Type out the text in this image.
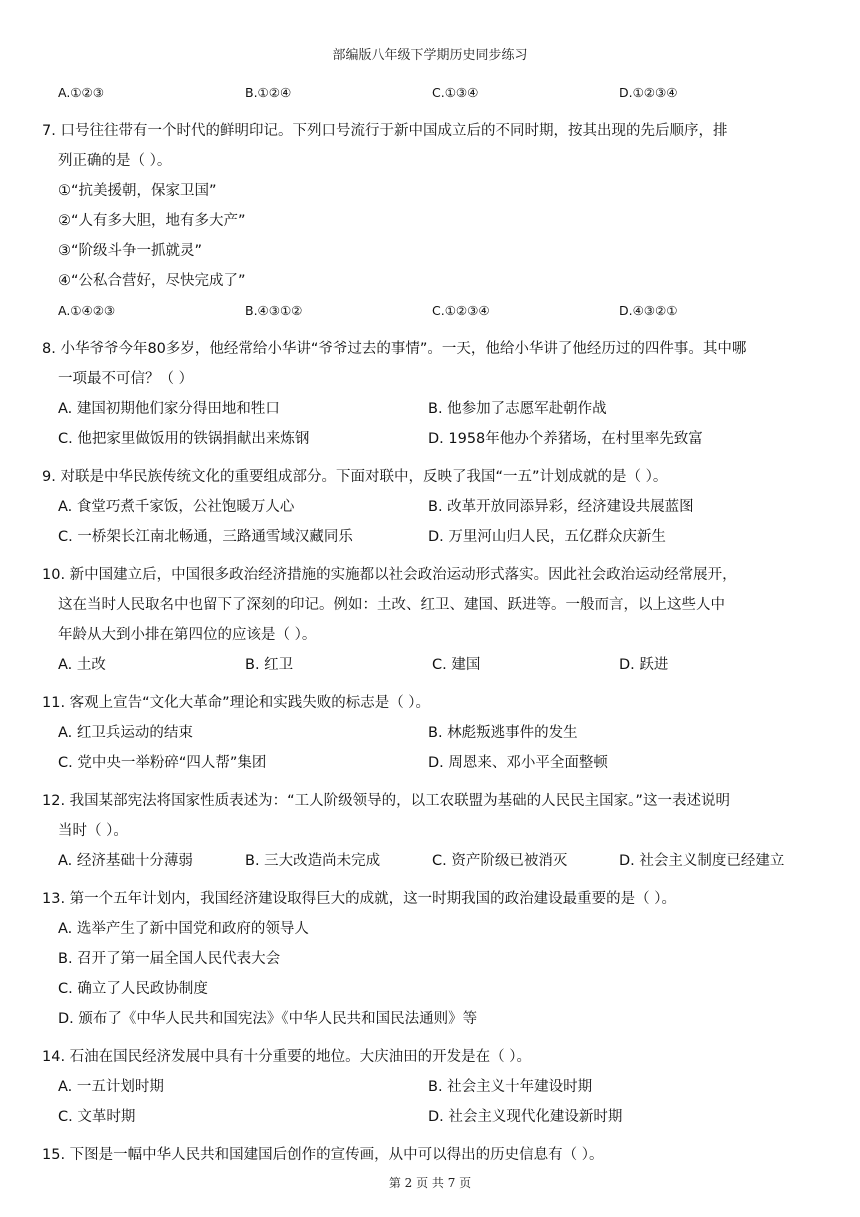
部编版八年级下学期历史同步练习
A.①②③	B.①②④	C.①③④	D.①②③④
7. 口号往往带有一个时代的鲜明印记。下列口号流行于新中国成立后的不同时期，按其出现的先后顺序，排
列正确的是（ ）。
①“抗美援朝，保家卫国”
②“人有多大胆，地有多大产”
③“阶级斗争一抓就灵”
④“公私合营好，尽快完成了”
A.①④②③	B.④③①②	C.①②③④	D.④③②①
8. 小华爷爷今年80多岁，他经常给小华讲“爷爷过去的事情”。一天，他给小华讲了他经历过的四件事。其中哪
一项最不可信？（ ）
A. 建国初期他们家分得田地和牲口	B. 他参加了志愿军赴朝作战
C. 他把家里做饭用的铁锅捐献出来炼钢	D. 1958年他办个养猪场，在村里率先致富
9. 对联是中华民族传统文化的重要组成部分。下面对联中，反映了我国“一五”计划成就的是（ ）。
A. 食堂巧煮千家饭，公社饱暖万人心	B. 改革开放同添异彩，经济建设共展蓝图
C. 一桥架长江南北畅通，三路通雪域汉藏同乐	D. 万里河山归人民，五亿群众庆新生
10. 新中国建立后，中国很多政治经济措施的实施都以社会政治运动形式落实。因此社会政治运动经常展开，
这在当时人民取名中也留下了深刻的印记。例如：土改、红卫、建国、跃进等。一般而言，以上这些人中
年龄从大到小排在第四位的应该是（ ）。
A. 土改	B. 红卫	C. 建国	D. 跃进
11. 客观上宣告“文化大革命”理论和实践失败的标志是（ ）。
A. 红卫兵运动的结束	B. 林彪叛逃事件的发生
C. 党中央一举粉碎“四人帮”集团	D. 周恩来、邓小平全面整顿
12. 我国某部宪法将国家性质表述为：“工人阶级领导的，以工农联盟为基础的人民民主国家。”这一表述说明
当时（ ）。
A. 经济基础十分薄弱	B. 三大改造尚未完成	C. 资产阶级已被消灭	D. 社会主义制度已经建立
13. 第一个五年计划内，我国经济建设取得巨大的成就，这一时期我国的政治建设最重要的是（ ）。
A. 选举产生了新中国党和政府的领导人
B. 召开了第一届全国人民代表大会
C. 确立了人民政协制度
D. 颁布了《中华人民共和国宪法》《中华人民共和国民法通则》等
14. 石油在国民经济发展中具有十分重要的地位。大庆油田的开发是在（ ）。
A. 一五计划时期	B. 社会主义十年建设时期
C. 文革时期	D. 社会主义现代化建设新时期
15. 下图是一幅中华人民共和国建国后创作的宣传画，从中可以得出的历史信息有（ ）。
第 2 页 共 7 页
